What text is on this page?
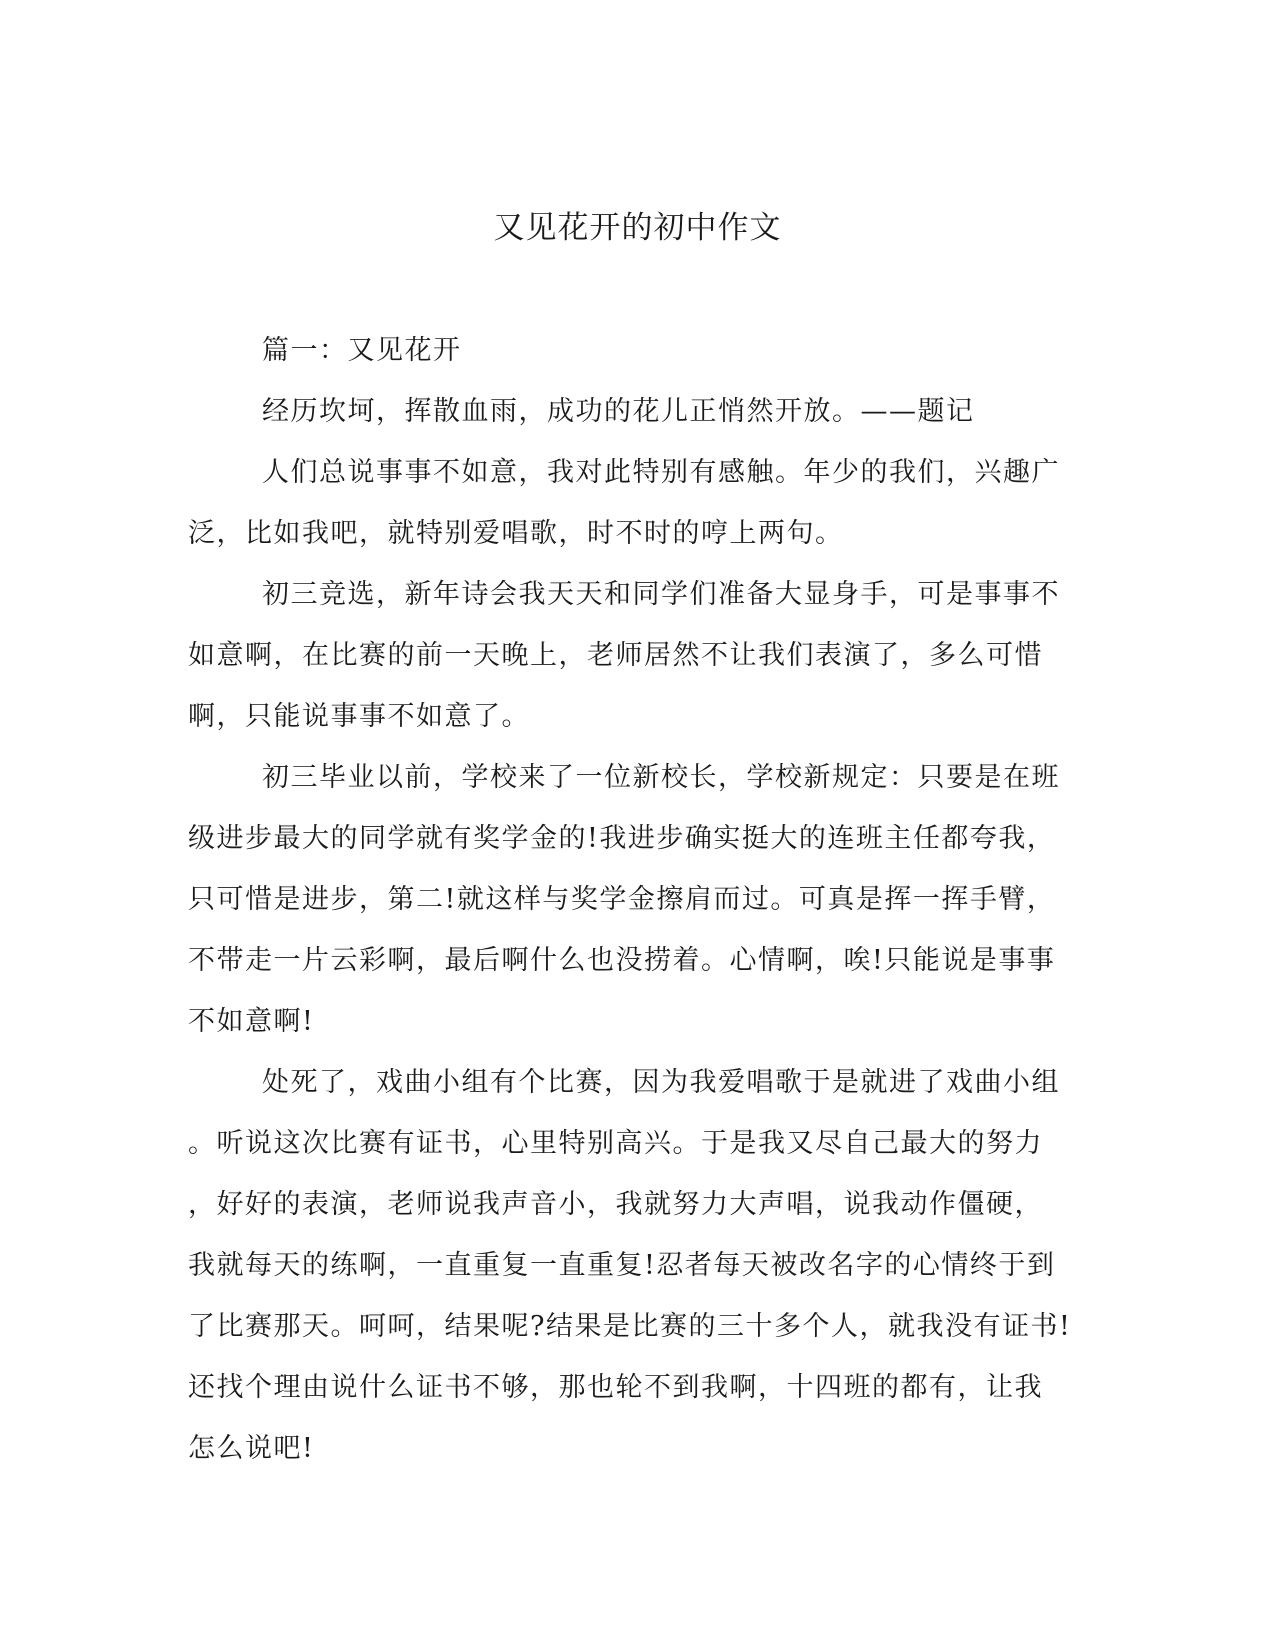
又见花开的初中作文
篇一：又见花开
经历坎坷，挥散血雨，成功的花儿正悄然开放。——题记
人们总说事事不如意，我对此特别有感触。年少的我们，兴趣广
泛，比如我吧，就特别爱唱歌，时不时的哼上两句。
初三竞选，新年诗会我天天和同学们准备大显身手，可是事事不
如意啊，在比赛的前一天晚上，老师居然不让我们表演了，多么可惜
啊，只能说事事不如意了。
初三毕业以前，学校来了一位新校长，学校新规定：只要是在班
级进步最大的同学就有奖学金的!我进步确实挺大的连班主任都夸我，
只可惜是进步，第二!就这样与奖学金擦肩而过。可真是挥一挥手臂，
不带走一片云彩啊，最后啊什么也没捞着。心情啊，唉!只能说是事事
不如意啊!
处死了，戏曲小组有个比赛，因为我爱唱歌于是就进了戏曲小组
。听说这次比赛有证书，心里特别高兴。于是我又尽自己最大的努力
，好好的表演，老师说我声音小，我就努力大声唱，说我动作僵硬，
我就每天的练啊，一直重复一直重复!忍者每天被改名字的心情终于到
了比赛那天。呵呵，结果呢?结果是比赛的三十多个人，就我没有证书!
还找个理由说什么证书不够，那也轮不到我啊，十四班的都有，让我
怎么说吧!
